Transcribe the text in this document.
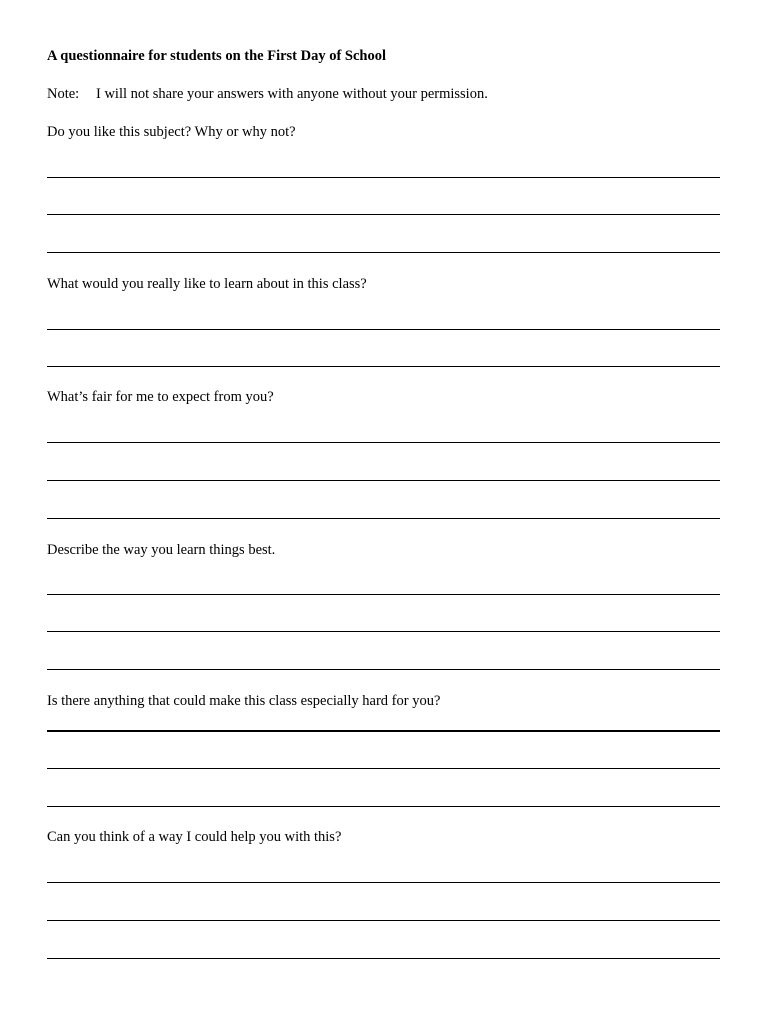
A questionnaire for students on the First Day of School
Note: I will not share your answers with anyone without your permission.
Do you like this subject? Why or why not?
What would you really like to learn about in this class?
What’s fair for me to expect from you?
Describe the way you learn things best.
Is there anything that could make this class especially hard for you?
Can you think of a way I could help you with this?
